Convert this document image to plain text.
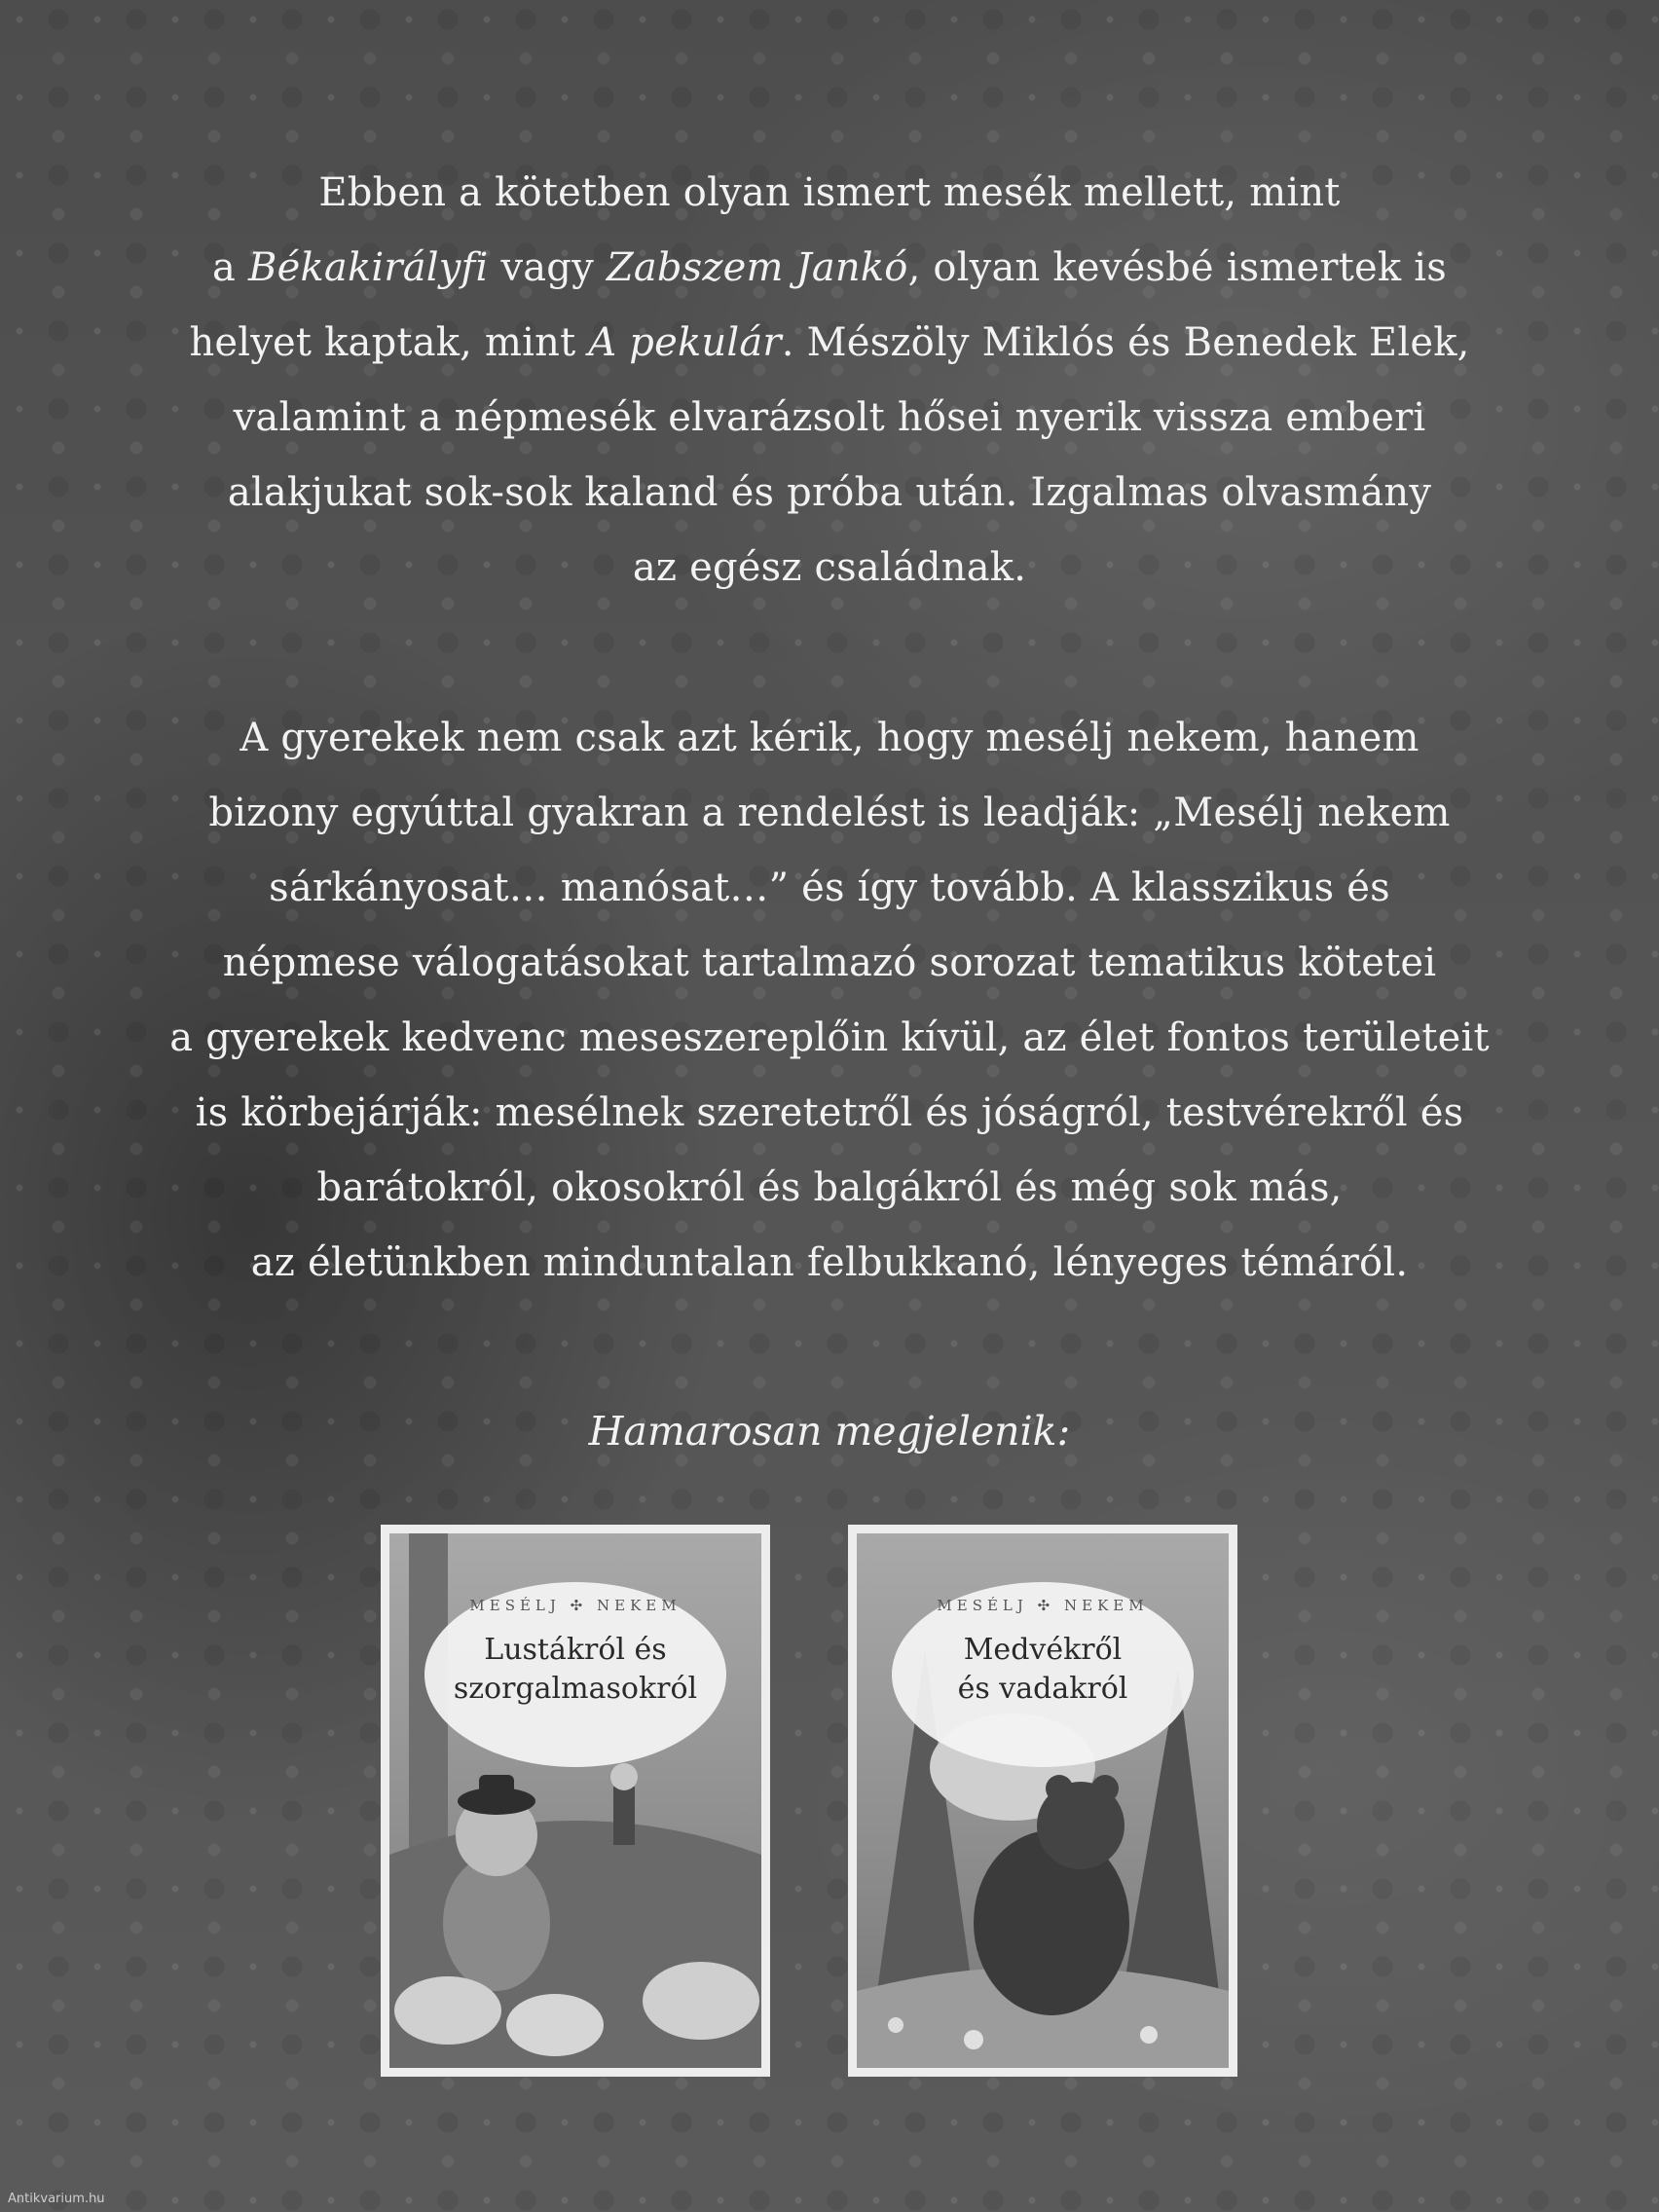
Ebben a kötetben olyan ismert mesék mellett, mint
a Békakirályfi vagy Zabszem Jankó, olyan kevésbé ismertek is
helyet kaptak, mint A pekulár. Mészöly Miklós és Benedek Elek,
valamint a népmesék elvarázsolt hősei nyerik vissza emberi
alakjukat sok-sok kaland és próba után. Izgalmas olvasmány
az egész családnak.
A gyerekek nem csak azt kérik, hogy mesélj nekem, hanem
bizony egyúttal gyakran a rendelést is leadják: „Mesélj nekem
sárkányosat… manósat…” és így tovább. A klasszikus és
népmese válogatásokat tartalmazó sorozat tematikus kötetei
a gyerekek kedvenc meseszereplőin kívül, az élet fontos területeit
is körbejárják: mesélnek szeretetről és jóságról, testvérekről és
barátokról, okosokról és balgákról és még sok más,
az életünkben minduntalan felbukkanó, lényeges témáról.
Hamarosan megjelenik:
MESÉLJ ✣ NEKEM
Lustákról és
szorgalmasokról
MESÉLJ ✣ NEKEM
Medvékről
és vadakról
Antikvarium.hu
